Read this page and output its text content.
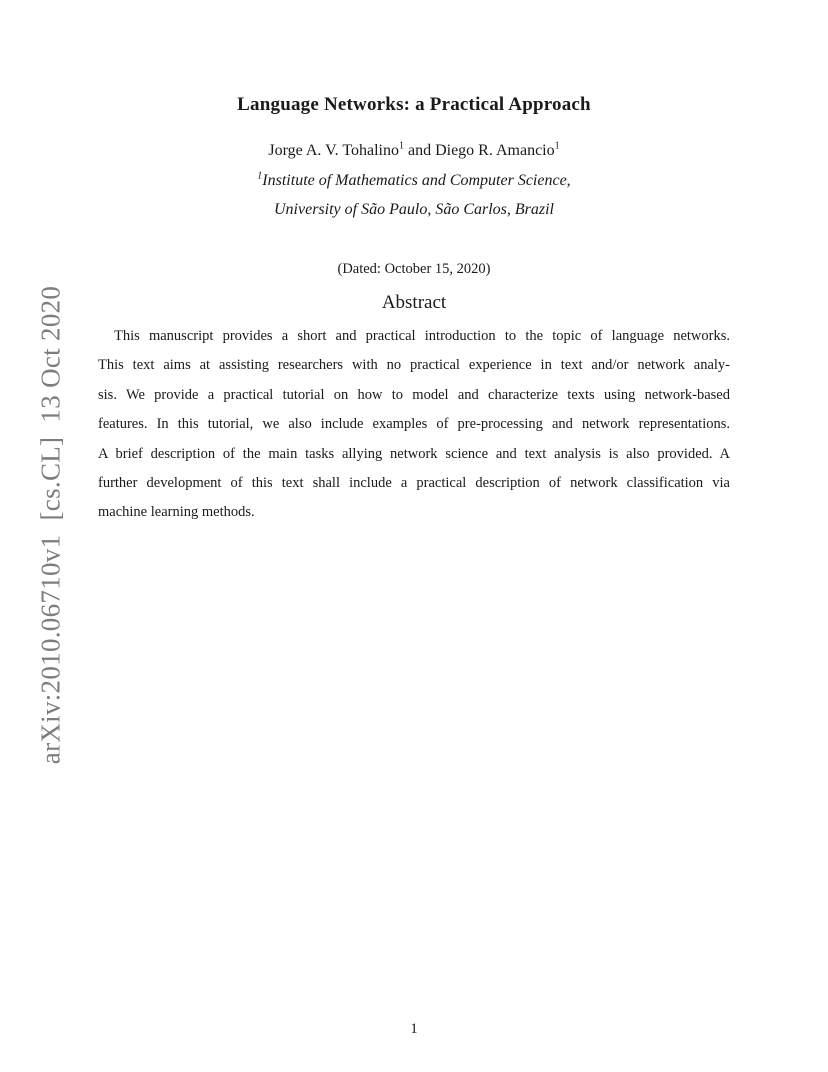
Language Networks: a Practical Approach
Jorge A. V. Tohalino$^1$ and Diego R. Amancio$^1$
$^1$Institute of Mathematics and Computer Science,
University of São Paulo, São Carlos, Brazil
(Dated: October 15, 2020)
Abstract
This manuscript provides a short and practical introduction to the topic of language networks.
This text aims at assisting researchers with no practical experience in text and/or network analy-
sis. We provide a practical tutorial on how to model and characterize texts using network-based
features. In this tutorial, we also include examples of pre-processing and network representations.
A brief description of the main tasks allying network science and text analysis is also provided. A
further development of this text shall include a practical description of network classification via
machine learning methods.
arXiv:2010.06710v1  [cs.CL]  13 Oct 2020
1
